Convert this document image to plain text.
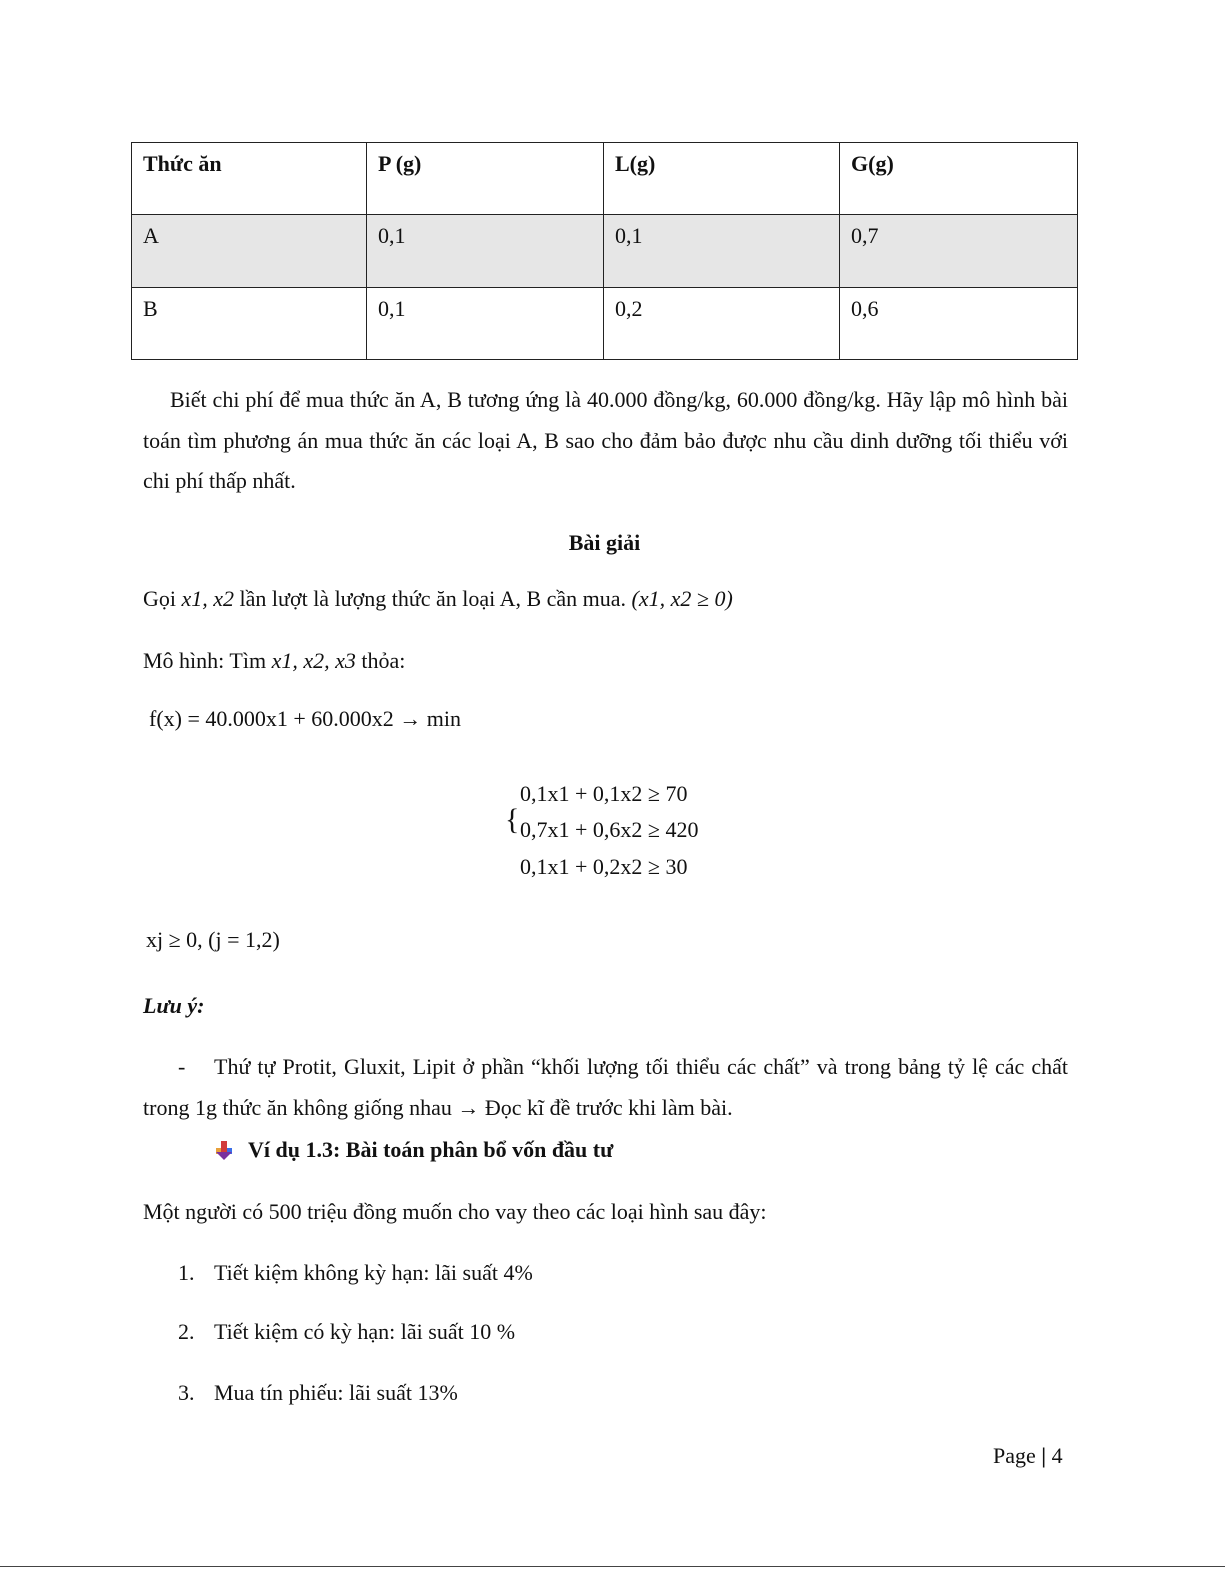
Thức ăn	P (g)	L(g)	G(g)
A	0,1	0,1	0,7
B	0,1	0,2	0,6
Biết chi phí để mua thức ăn A, B tương ứng là 40.000 đồng/kg, 60.000 đồng/kg. Hãy lập mô hình bài toán tìm phương án mua thức ăn các loại A, B sao cho đảm bảo được nhu cầu dinh dưỡng tối thiểu với chi phí thấp nhất.
Bài giải
Gọi x1, x2 lần lượt là lượng thức ăn loại A, B cần mua. (x1, x2 ≥ 0)
Mô hình: Tìm x1, x2, x3 thỏa:
f(x) = 40.000x1 + 60.000x2 → min
{
0,1x1 + 0,1x2 ≥ 70
0,7x1 + 0,6x2 ≥ 420
0,1x1 + 0,2x2 ≥ 30
xj ≥ 0, (j = 1,2)
Lưu ý:
-	Thứ tự Protit, Gluxit, Lipit ở phần “khối lượng tối thiểu các chất” và trong bảng tỷ lệ các chất trong 1g thức ăn không giống nhau → Đọc kĩ đề trước khi làm bài.
Ví dụ 1.3: Bài toán phân bổ vốn đầu tư
Một người có 500 triệu đồng muốn cho vay theo các loại hình sau đây:
1. Tiết kiệm không kỳ hạn: lãi suất 4%
2. Tiết kiệm có kỳ hạn: lãi suất 10 %
3. Mua tín phiếu: lãi suất 13%
Page | 4
